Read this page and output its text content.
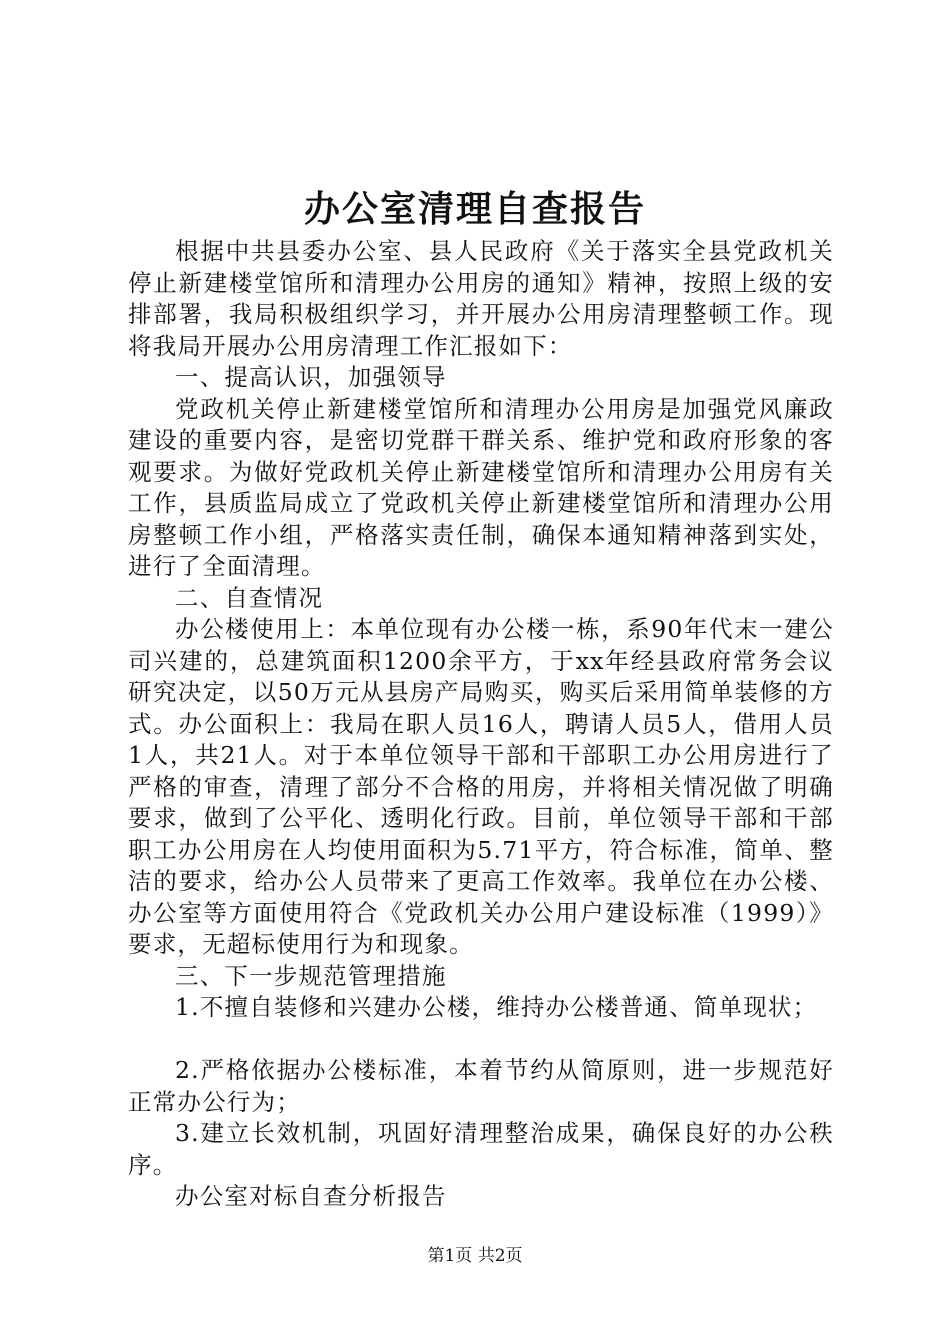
办公室清理自查报告

根据中共县委办公室、县人民政府《关于落实全县党政机关停止新建楼堂馆所和清理办公用房的通知》精神，按照上级的安排部署，我局积极组织学习，并开展办公用房清理整顿工作。现将我局开展办公用房清理工作汇报如下：

一、提高认识，加强领导

党政机关停止新建楼堂馆所和清理办公用房是加强党风廉政建设的重要内容，是密切党群干群关系、维护党和政府形象的客观要求。为做好党政机关停止新建楼堂馆所和清理办公用房有关工作，县质监局成立了党政机关停止新建楼堂馆所和清理办公用房整顿工作小组，严格落实责任制，确保本通知精神落到实处，进行了全面清理。

二、自查情况

办公楼使用上：本单位现有办公楼一栋，系90年代末一建公司兴建的，总建筑面积1200余平方，于xx年经县政府常务会议研究决定，以50万元从县房产局购买，购买后采用简单装修的方式。办公面积上：我局在职人员16人，聘请人员5人，借用人员1人，共21人。对于本单位领导干部和干部职工办公用房进行了严格的审查，清理了部分不合格的用房，并将相关情况做了明确要求，做到了公平化、透明化行政。目前，单位领导干部和干部职工办公用房在人均使用面积为5.71平方，符合标准，简单、整洁的要求，给办公人员带来了更高工作效率。我单位在办公楼、办公室等方面使用符合《党政机关办公用户建设标准（1999）》要求，无超标使用行为和现象。

三、下一步规范管理措施

1.不擅自装修和兴建办公楼，维持办公楼普通、简单现状；

2.严格依据办公楼标准，本着节约从简原则，进一步规范好正常办公行为；

3.建立长效机制，巩固好清理整治成果，确保良好的办公秩序。

办公室对标自查分析报告

第1页 共2页
